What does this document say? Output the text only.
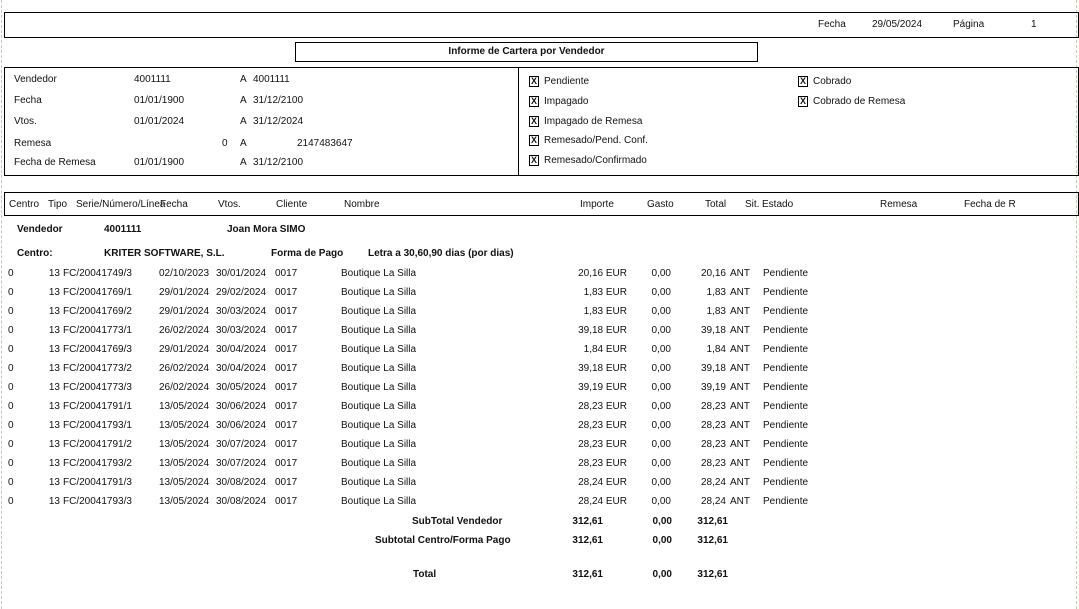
Fecha	29/05/2024	Página	1
Informe de Cartera por Vendedor
Vendedor	4001111	A 4001111
Fecha	01/01/1900	A 31/12/2100
Vtos.	01/01/2024	A 31/12/2024
Remesa	0 A	2147483647
Fecha de Remesa	01/01/1900	A 31/12/2100
X Pendiente
X Impagado
X Impagado de Remesa
X Remesado/Pend. Conf.
X Remesado/Confirmado
X Cobrado
X Cobrado de Remesa
Centro Tipo Serie/Número/Línea
Fecha	Vtos.	Cliente	Nombre	Importe	Gasto	Total Sit. Estado	Remesa	Fecha de R
Vendedor	4001111	Joan Mora SIMO
Centro:	KRITER SOFTWARE, S.L.	Forma de Pago Letra a 30,60,90 dias (por dias)
0	13 FC/20041749/3	02/10/2023 30/01/2024 0017	Boutique La Silla	20,16 EUR	0,00	20,16 ANT Pendiente
0	13 FC/20041769/1	29/01/2024 29/02/2024 0017	Boutique La Silla	1,83 EUR	0,00	1,83 ANT Pendiente
0	13 FC/20041769/2	29/01/2024 30/03/2024 0017	Boutique La Silla	1,83 EUR	0,00	1,83 ANT Pendiente
0	13 FC/20041773/1	26/02/2024 30/03/2024 0017	Boutique La Silla	39,18 EUR	0,00	39,18 ANT Pendiente
0	13 FC/20041769/3	29/01/2024 30/04/2024 0017	Boutique La Silla	1,84 EUR	0,00	1,84 ANT Pendiente
0	13 FC/20041773/2	26/02/2024 30/04/2024 0017	Boutique La Silla	39,18 EUR	0,00	39,18 ANT Pendiente
0	13 FC/20041773/3	26/02/2024 30/05/2024 0017	Boutique La Silla	39,19 EUR	0,00	39,19 ANT Pendiente
0	13 FC/20041791/1	13/05/2024 30/06/2024 0017	Boutique La Silla	28,23 EUR	0,00	28,23 ANT Pendiente
0	13 FC/20041793/1	13/05/2024 30/06/2024 0017	Boutique La Silla	28,23 EUR	0,00	28,23 ANT Pendiente
0	13 FC/20041791/2	13/05/2024 30/07/2024 0017	Boutique La Silla	28,23 EUR	0,00	28,23 ANT Pendiente
0	13 FC/20041793/2	13/05/2024 30/07/2024 0017	Boutique La Silla	28,23 EUR	0,00	28,23 ANT Pendiente
0	13 FC/20041791/3	13/05/2024 30/08/2024 0017	Boutique La Silla	28,24 EUR	0,00	28,24 ANT Pendiente
0	13 FC/20041793/3	13/05/2024 30/08/2024 0017	Boutique La Silla	28,24 EUR	0,00	28,24 ANT Pendiente
SubTotal Vendedor	312,61	0,00	312,61
Subtotal Centro/Forma Pago	312,61	0,00	312,61
Total	312,61	0,00	312,61
